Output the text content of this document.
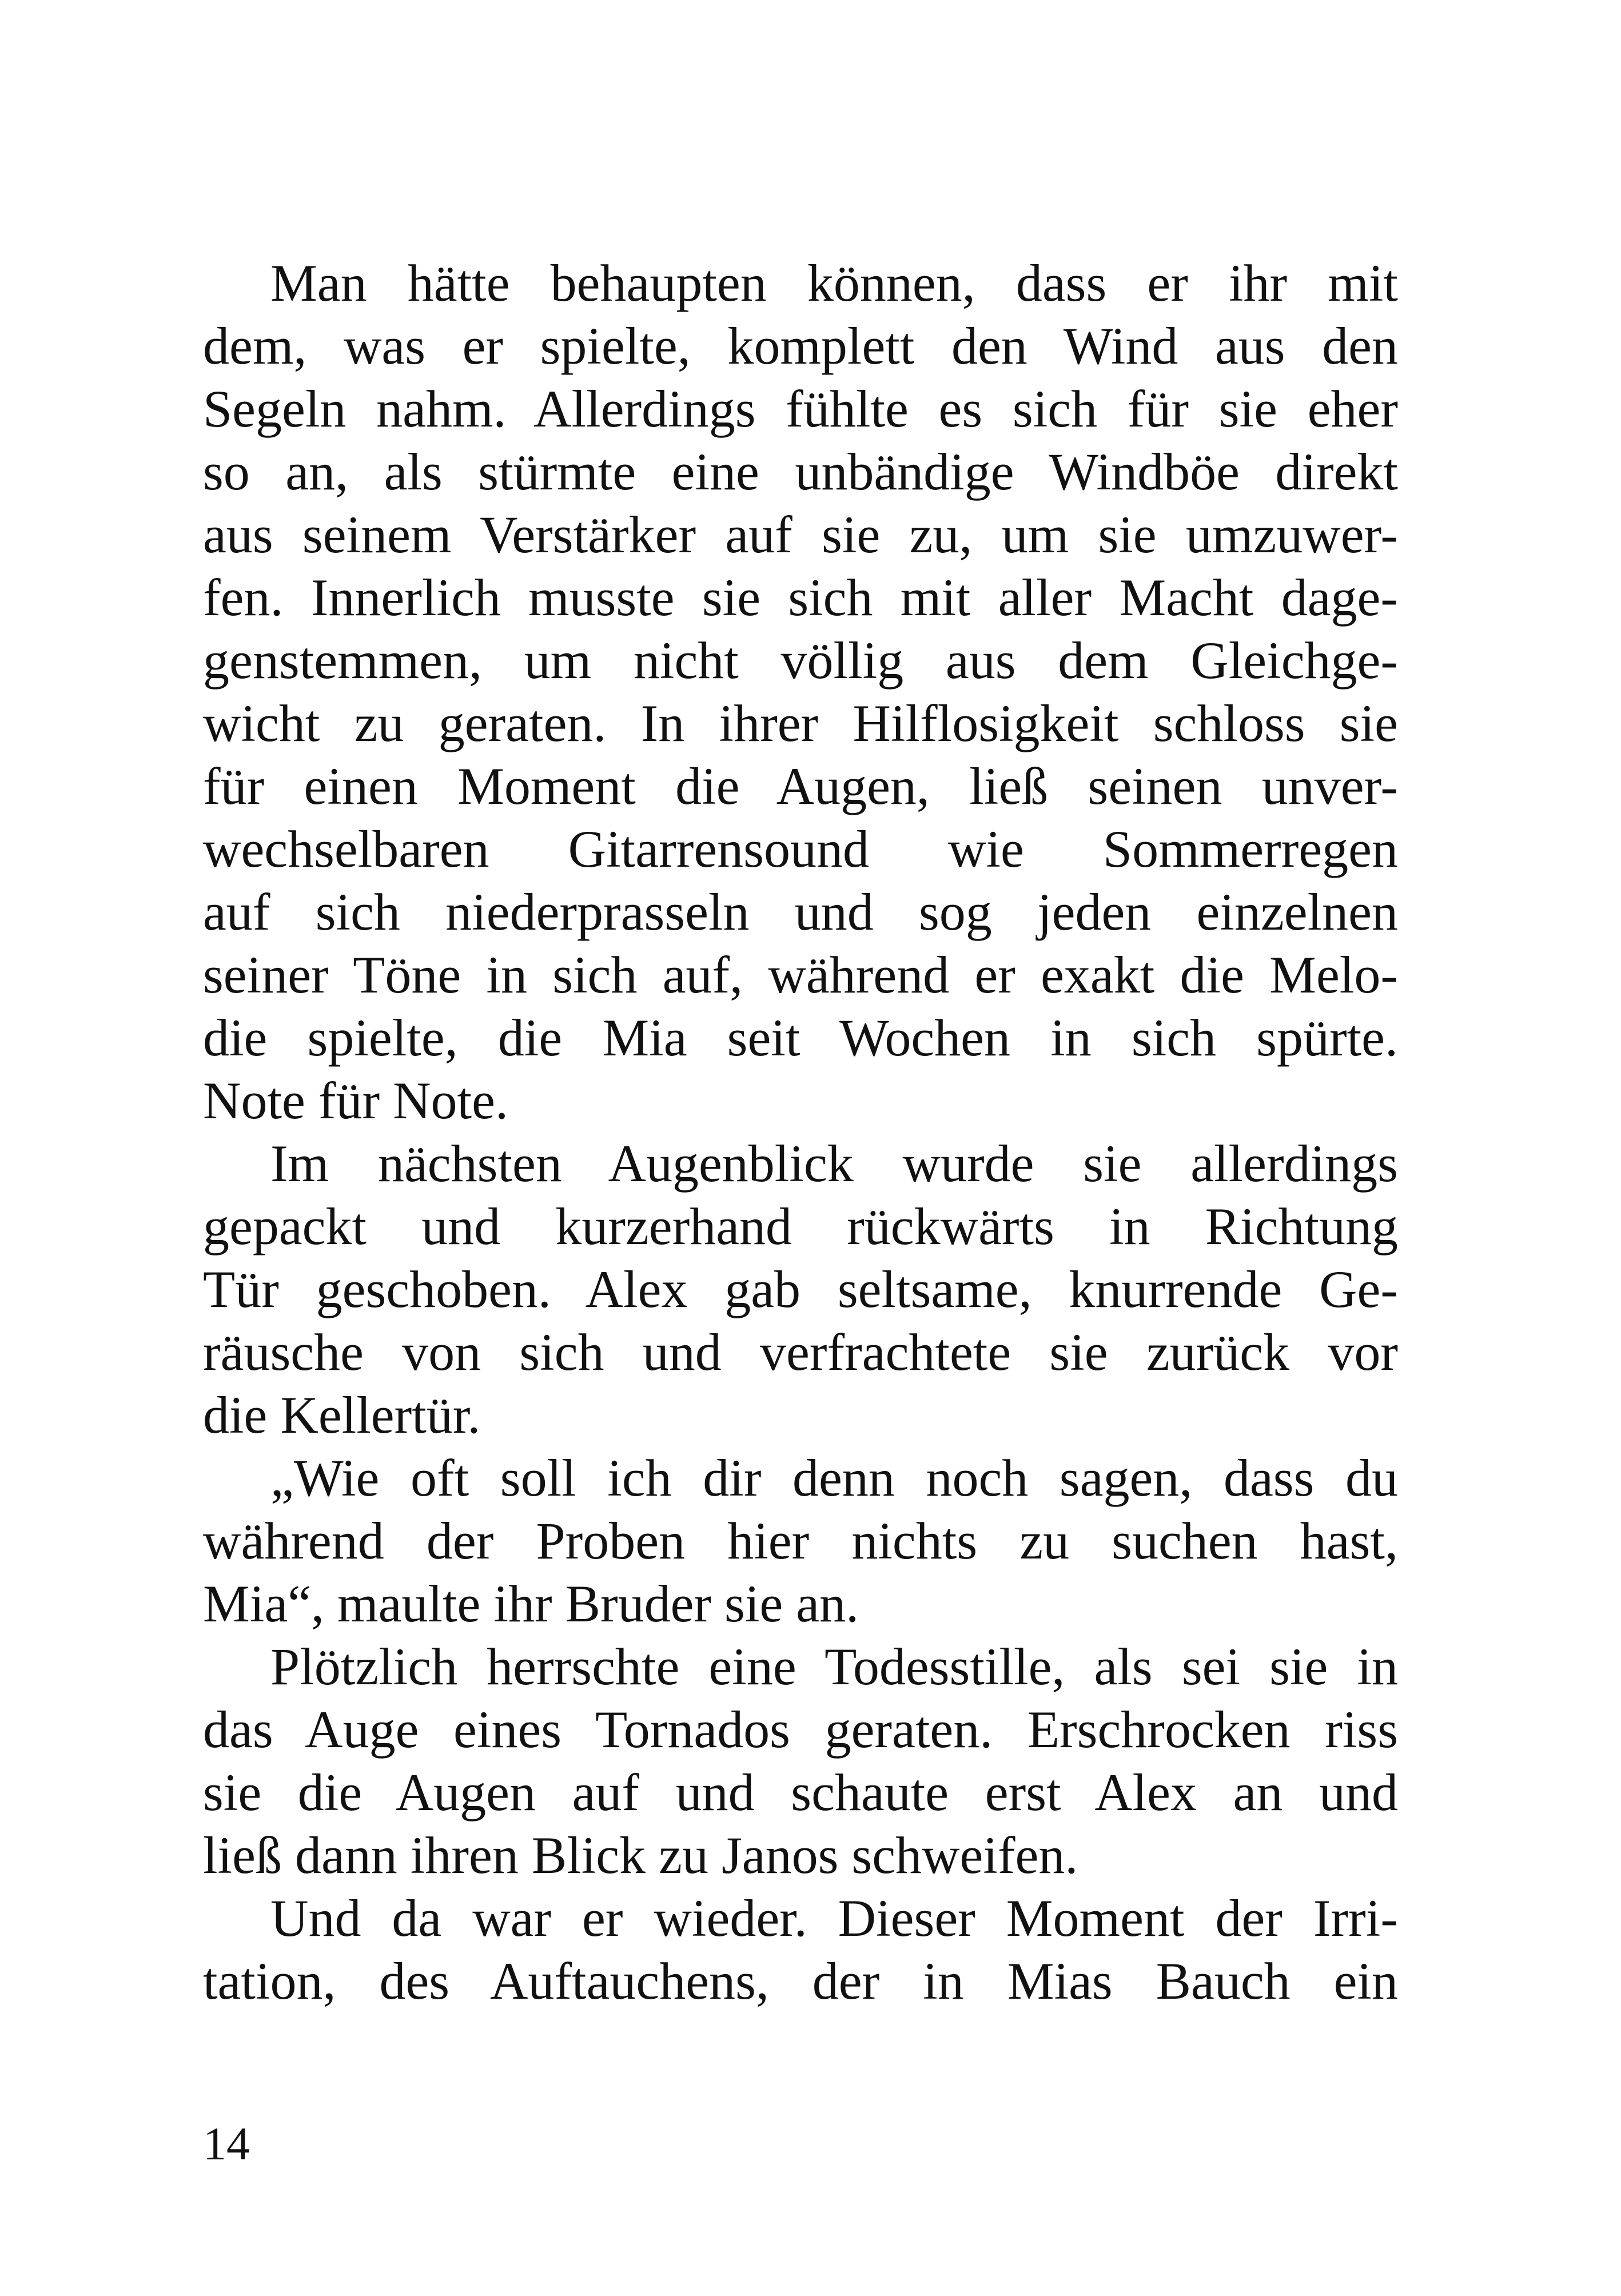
Man hätte behaupten können, dass er ihr mit
dem, was er spielte, komplett den Wind aus den
Segeln nahm. Allerdings fühlte es sich für sie eher
so an, als stürmte eine unbändige Windböe direkt
aus seinem Verstärker auf sie zu, um sie umzuwer-
fen. Innerlich musste sie sich mit aller Macht dage-
genstemmen, um nicht völlig aus dem Gleichge-
wicht zu geraten. In ihrer Hilflosigkeit schloss sie
für einen Moment die Augen, ließ seinen unver-
wechselbaren Gitarrensound wie Sommerregen
auf sich niederprasseln und sog jeden einzelnen
seiner Töne in sich auf, während er exakt die Melo-
die spielte, die Mia seit Wochen in sich spürte.
Note für Note.
Im nächsten Augenblick wurde sie allerdings
gepackt und kurzerhand rückwärts in Richtung
Tür geschoben. Alex gab seltsame, knurrende Ge-
räusche von sich und verfrachtete sie zurück vor
die Kellertür.
„Wie oft soll ich dir denn noch sagen, dass du
während der Proben hier nichts zu suchen hast,
Mia“, maulte ihr Bruder sie an.
Plötzlich herrschte eine Todesstille, als sei sie in
das Auge eines Tornados geraten. Erschrocken riss
sie die Augen auf und schaute erst Alex an und
ließ dann ihren Blick zu Janos schweifen.
Und da war er wieder. Dieser Moment der Irri-
tation, des Auftauchens, der in Mias Bauch ein
14
